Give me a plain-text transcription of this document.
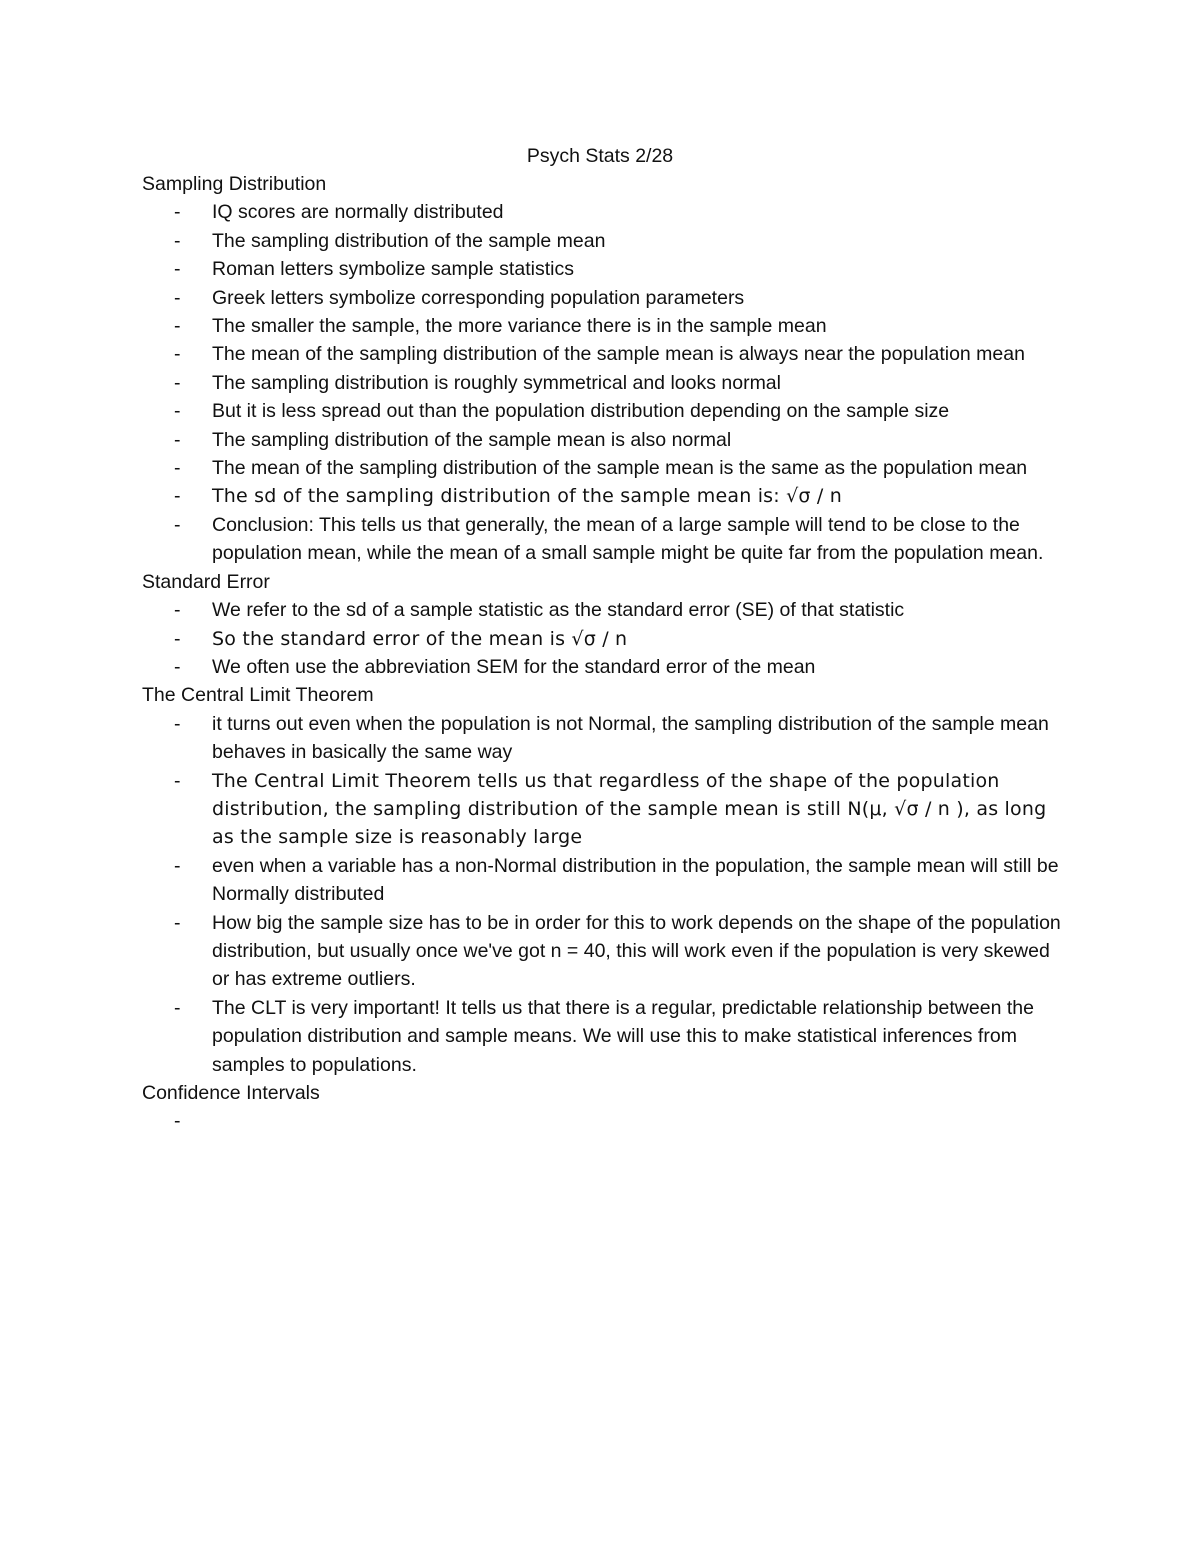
Psych Stats 2/28
Sampling Distribution
- IQ scores are normally distributed
- The sampling distribution of the sample mean
- Roman letters symbolize sample statistics
- Greek letters symbolize corresponding population parameters
- The smaller the sample, the more variance there is in the sample mean
- The mean of the sampling distribution of the sample mean is always near the population mean
- The sampling distribution is roughly symmetrical and looks normal
- But it is less spread out than the population distribution depending on the sample size
- The sampling distribution of the sample mean is also normal
- The mean of the sampling distribution of the sample mean is the same as the population mean
- The sd of the sampling distribution of the sample mean is: √σ / n
- Conclusion: This tells us that generally, the mean of a large sample will tend to be close to the population mean, while the mean of a small sample might be quite far from the population mean.
Standard Error
- We refer to the sd of a sample statistic as the standard error (SE) of that statistic
- So the standard error of the mean is √σ / n
- We often use the abbreviation SEM for the standard error of the mean
The Central Limit Theorem
- it turns out even when the population is not Normal, the sampling distribution of the sample mean behaves in basically the same way
- The Central Limit Theorem tells us that regardless of the shape of the population distribution, the sampling distribution of the sample mean is still N(μ, √σ / n ), as long as the sample size is reasonably large
- even when a variable has a non-Normal distribution in the population, the sample mean will still be Normally distributed
- How big the sample size has to be in order for this to work depends on the shape of the population distribution, but usually once we've got n = 40, this will work even if the population is very skewed or has extreme outliers.
- The CLT is very important! It tells us that there is a regular, predictable relationship between the population distribution and sample means. We will use this to make statistical inferences from samples to populations.
Confidence Intervals
-
